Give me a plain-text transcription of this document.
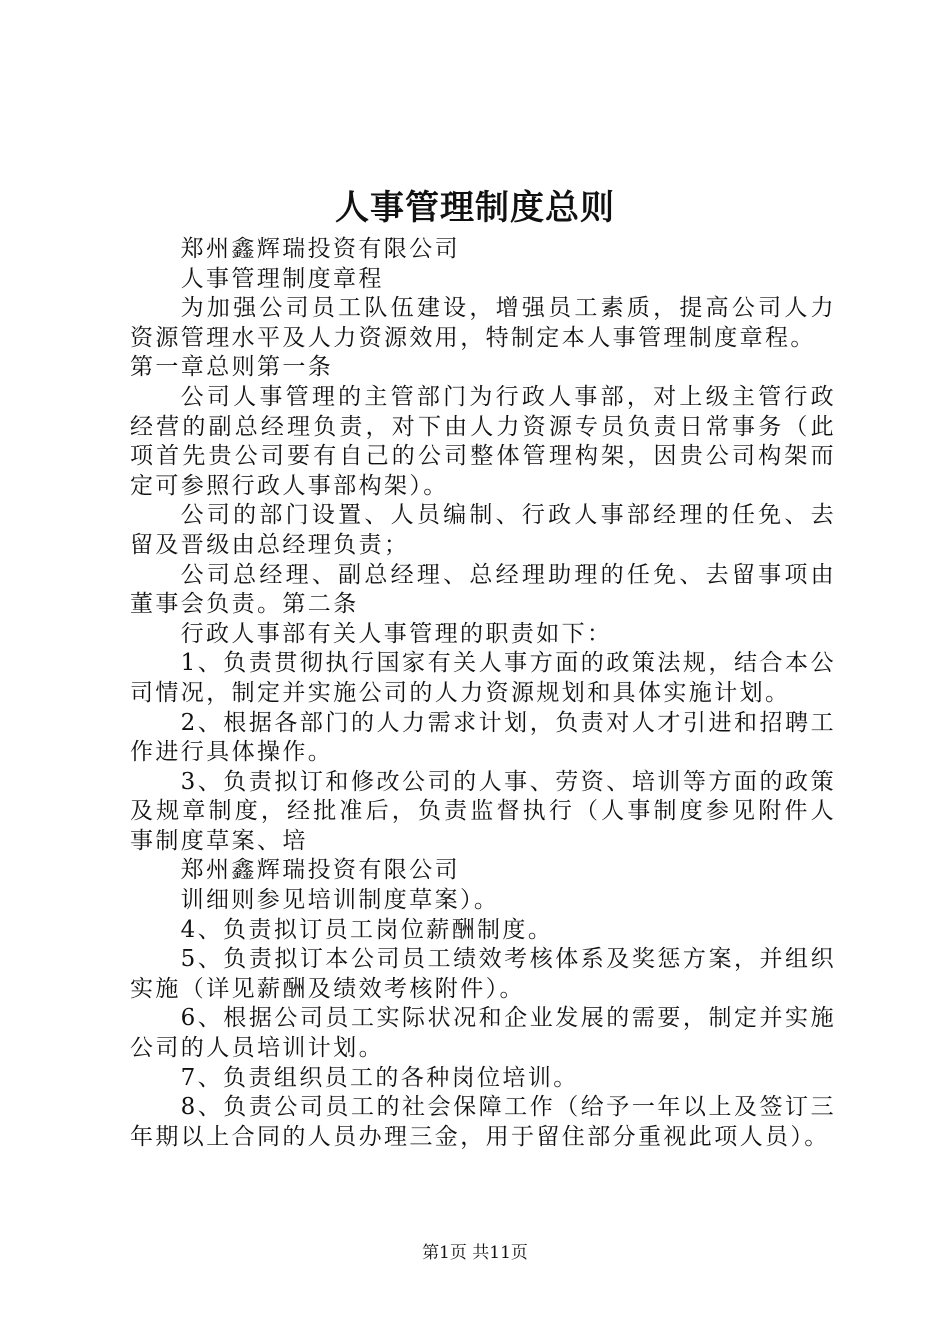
人事管理制度总则

郑州鑫辉瑞投资有限公司

人事管理制度章程

为加强公司员工队伍建设，增强员工素质，提高公司人力资源管理水平及人力资源效用，特制定本人事管理制度章程。

第一章总则第一条

公司人事管理的主管部门为行政人事部，对上级主管行政经营的副总经理负责，对下由人力资源专员负责日常事务（此项首先贵公司要有自己的公司整体管理构架，因贵公司构架而定可参照行政人事部构架）。

公司的部门设置、人员编制、行政人事部经理的任免、去留及晋级由总经理负责；

公司总经理、副总经理、总经理助理的任免、去留事项由董事会负责。第二条

行政人事部有关人事管理的职责如下：

1、负责贯彻执行国家有关人事方面的政策法规，结合本公司情况，制定并实施公司的人力资源规划和具体实施计划。

2、根据各部门的人力需求计划，负责对人才引进和招聘工作进行具体操作。

3、负责拟订和修改公司的人事、劳资、培训等方面的政策及规章制度，经批准后，负责监督执行（人事制度参见附件人事制度草案、培

郑州鑫辉瑞投资有限公司

训细则参见培训制度草案）。

4、负责拟订员工岗位薪酬制度。

5、负责拟订本公司员工绩效考核体系及奖惩方案，并组织实施（详见薪酬及绩效考核附件）。

6、根据公司员工实际状况和企业发展的需要，制定并实施公司的人员培训计划。

7、负责组织员工的各种岗位培训。

8、负责公司员工的社会保障工作（给予一年以上及签订三年期以上合同的人员办理三金，用于留住部分重视此项人员）。

第1页 共11页
